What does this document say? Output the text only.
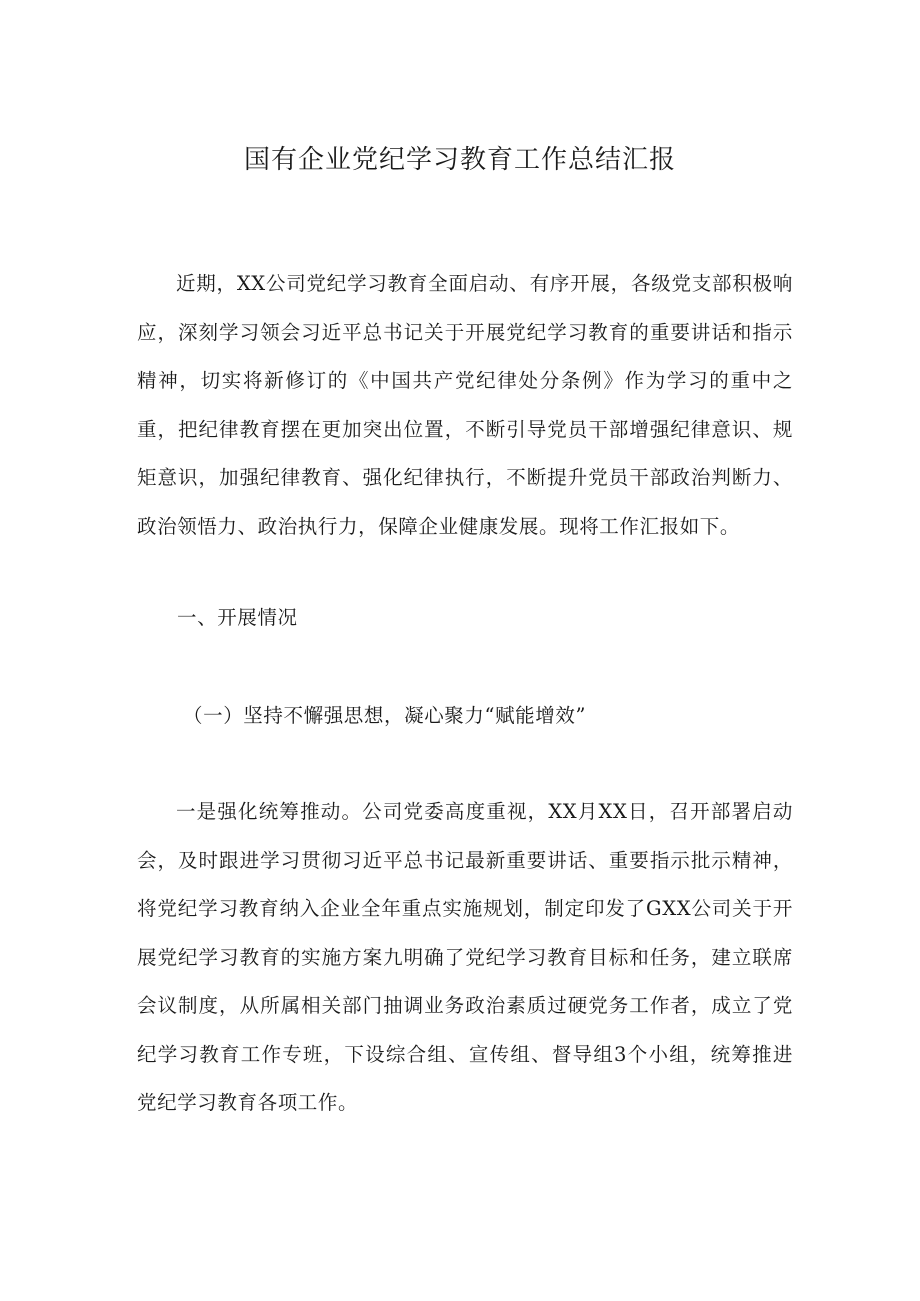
国有企业党纪学习教育工作总结汇报

近期，XX公司党纪学习教育全面启动、有序开展，各级党支部积极响应，深刻学习领会习近平总书记关于开展党纪学习教育的重要讲话和指示精神，切实将新修订的《中国共产党纪律处分条例》作为学习的重中之重，把纪律教育摆在更加突出位置，不断引导党员干部增强纪律意识、规矩意识，加强纪律教育、强化纪律执行，不断提升党员干部政治判断力、政治领悟力、政治执行力，保障企业健康发展。现将工作汇报如下。

一、开展情况
（一）坚持不懈强思想，凝心聚力“赋能增效”

一是强化统筹推动。公司党委高度重视，XX月XX日，召开部署启动会，及时跟进学习贯彻习近平总书记最新重要讲话、重要指示批示精神，将党纪学习教育纳入企业全年重点实施规划，制定印发了GXX公司关于开展党纪学习教育的实施方案九明确了党纪学习教育目标和任务，建立联席会议制度，从所属相关部门抽调业务政治素质过硬党务工作者，成立了党纪学习教育工作专班，下设综合组、宣传组、督导组3个小组，统筹推进党纪学习教育各项工作。
